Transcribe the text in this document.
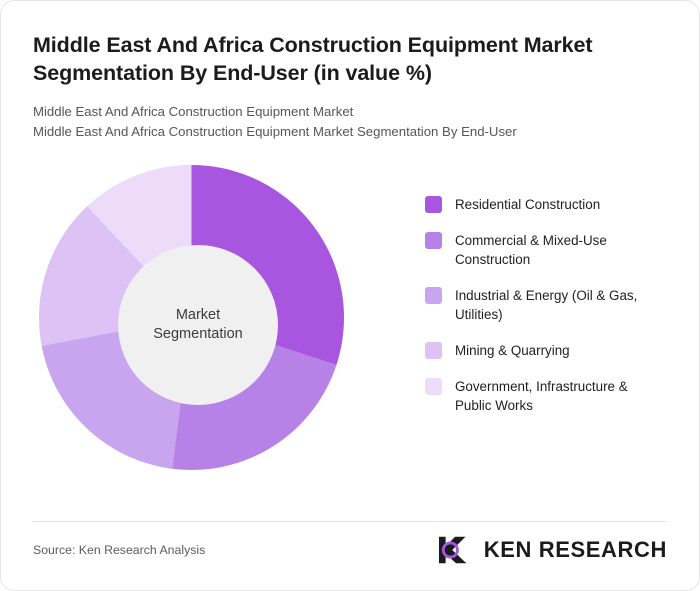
Middle East And Africa Construction Equipment Market Segmentation By End-User (in value %)
Middle East And Africa Construction Equipment Market
Middle East And Africa Construction Equipment Market Segmentation By End-User
Market Segmentation
Residential Construction
Commercial & Mixed-Use Construction
Industrial & Energy (Oil & Gas, Utilities)
Mining & Quarrying
Government, Infrastructure & Public Works
Source: Ken Research Analysis	KEN RESEARCH
